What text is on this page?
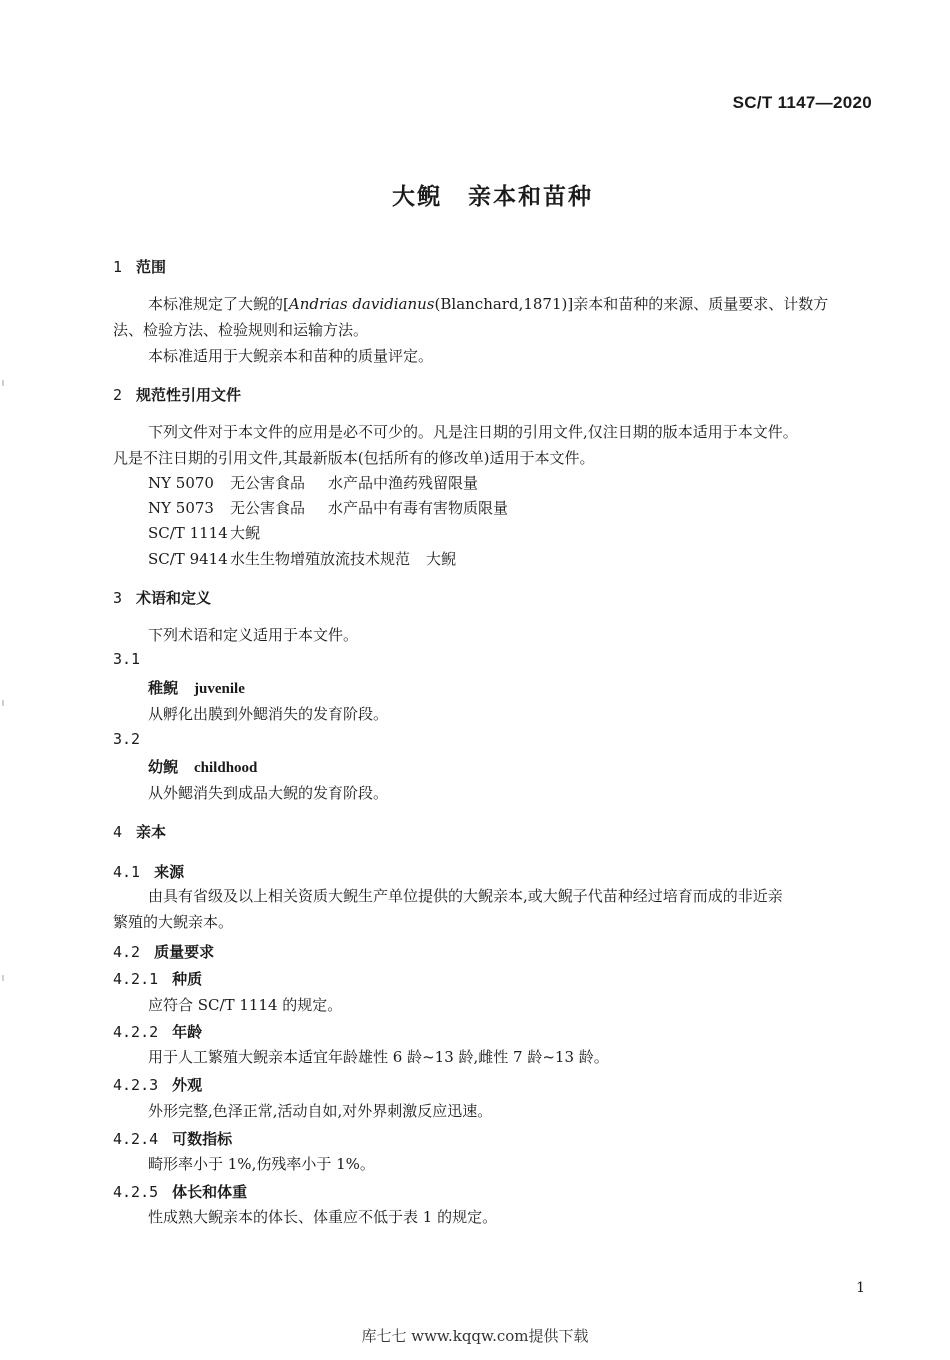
SC/T 1147—2020
大鲵 亲本和苗种
1 范围
本标准规定了大鲵的[Andrias davidianus(Blanchard,1871)]亲本和苗种的来源、质量要求、计数方
法、检验方法、检验规则和运输方法。
本标准适用于大鲵亲本和苗种的质量评定。
2 规范性引用文件
下列文件对于本文件的应用是必不可少的。凡是注日期的引用文件,仅注日期的版本适用于本文件。
凡是不注日期的引用文件,其最新版本(包括所有的修改单)适用于本文件。
NY 5070 无公害食品 水产品中渔药残留限量
NY 5073 无公害食品 水产品中有毒有害物质限量
SC/T 1114 大鲵
SC/T 9414 水生生物增殖放流技术规范 大鲵
3 术语和定义
下列术语和定义适用于本文件。
3.1
稚鲵 juvenile
从孵化出膜到外鳃消失的发育阶段。
3.2
幼鲵 childhood
从外鳃消失到成品大鲵的发育阶段。
4 亲本
4.1 来源
由具有省级及以上相关资质大鲵生产单位提供的大鲵亲本,或大鲵子代苗种经过培育而成的非近亲
繁殖的大鲵亲本。
4.2 质量要求
4.2.1 种质
应符合 SC/T 1114 的规定。
4.2.2 年龄
用于人工繁殖大鲵亲本适宜年龄雄性 6 龄~13 龄,雌性 7 龄~13 龄。
4.2.3 外观
外形完整,色泽正常,活动自如,对外界刺激反应迅速。
4.2.4 可数指标
畸形率小于 1%,伤残率小于 1%。
4.2.5 体长和体重
性成熟大鲵亲本的体长、体重应不低于表 1 的规定。
1
库七七 www.kqqw.com提供下载
